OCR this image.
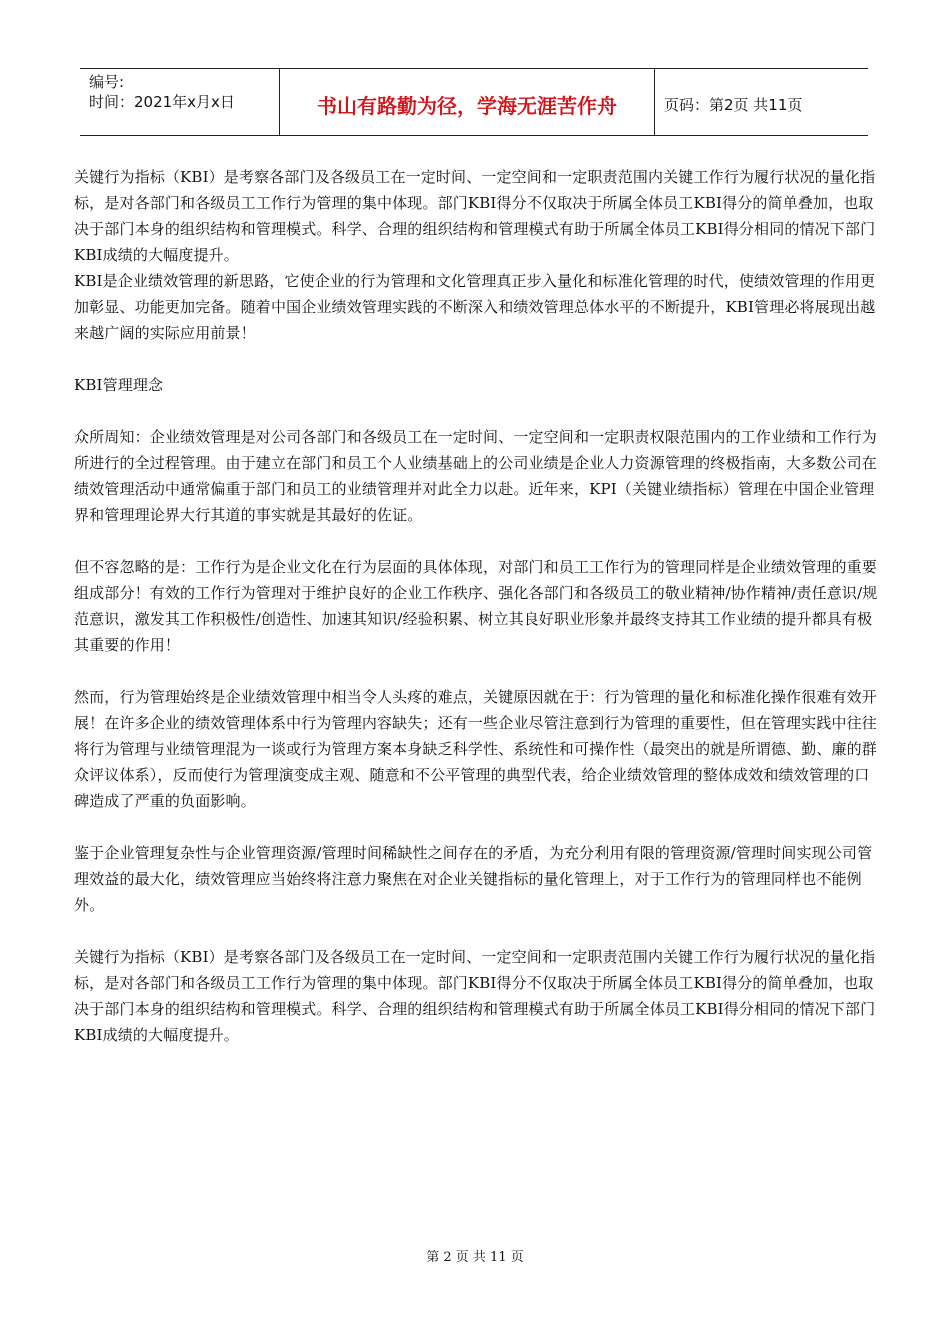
编号:
时间：2021年x月x日	书山有路勤为径，学海无涯苦作舟	页码：第2页 共11页

关键行为指标（KBI）是考察各部门及各级员工在一定时间、一定空间和一定职责范围内关键工作行为履行状况的量化指标，是对各部门和各级员工工作行为管理的集中体现。部门KBI得分不仅取决于所属全体员工KBI得分的简单叠加，也取决于部门本身的组织结构和管理模式。科学、合理的组织结构和管理模式有助于所属全体员工KBI得分相同的情况下部门KBI成绩的大幅度提升。

KBI是企业绩效管理的新思路，它使企业的行为管理和文化管理真正步入量化和标准化管理的时代，使绩效管理的作用更加彰显、功能更加完备。随着中国企业绩效管理实践的不断深入和绩效管理总体水平的不断提升，KBI管理必将展现出越来越广阔的实际应用前景！

KBI管理理念

众所周知：企业绩效管理是对公司各部门和各级员工在一定时间、一定空间和一定职责权限范围内的工作业绩和工作行为所进行的全过程管理。由于建立在部门和员工个人业绩基础上的公司业绩是企业人力资源管理的终极指南，大多数公司在绩效管理活动中通常偏重于部门和员工的业绩管理并对此全力以赴。近年来，KPI（关键业绩指标）管理在中国企业管理界和管理理论界大行其道的事实就是其最好的佐证。

但不容忽略的是：工作行为是企业文化在行为层面的具体体现，对部门和员工工作行为的管理同样是企业绩效管理的重要组成部分！有效的工作行为管理对于维护良好的企业工作秩序、强化各部门和各级员工的敬业精神/协作精神/责任意识/规范意识，激发其工作积极性/创造性、加速其知识/经验积累、树立其良好职业形象并最终支持其工作业绩的提升都具有极其重要的作用！

然而，行为管理始终是企业绩效管理中相当令人头疼的难点，关键原因就在于：行为管理的量化和标准化操作很难有效开展！在许多企业的绩效管理体系中行为管理内容缺失；还有一些企业尽管注意到行为管理的重要性，但在管理实践中往往将行为管理与业绩管理混为一谈或行为管理方案本身缺乏科学性、系统性和可操作性（最突出的就是所谓德、勤、廉的群众评议体系），反而使行为管理演变成主观、随意和不公平管理的典型代表，给企业绩效管理的整体成效和绩效管理的口碑造成了严重的负面影响。

鉴于企业管理复杂性与企业管理资源/管理时间稀缺性之间存在的矛盾，为充分利用有限的管理资源/管理时间实现公司管理效益的最大化，绩效管理应当始终将注意力聚焦在对企业关键指标的量化管理上，对于工作行为的管理同样也不能例外。

关键行为指标（KBI）是考察各部门及各级员工在一定时间、一定空间和一定职责范围内关键工作行为履行状况的量化指标，是对各部门和各级员工工作行为管理的集中体现。部门KBI得分不仅取决于所属全体员工KBI得分的简单叠加，也取决于部门本身的组织结构和管理模式。科学、合理的组织结构和管理模式有助于所属全体员工KBI得分相同的情况下部门KBI成绩的大幅度提升。

第 2 页 共 11 页
